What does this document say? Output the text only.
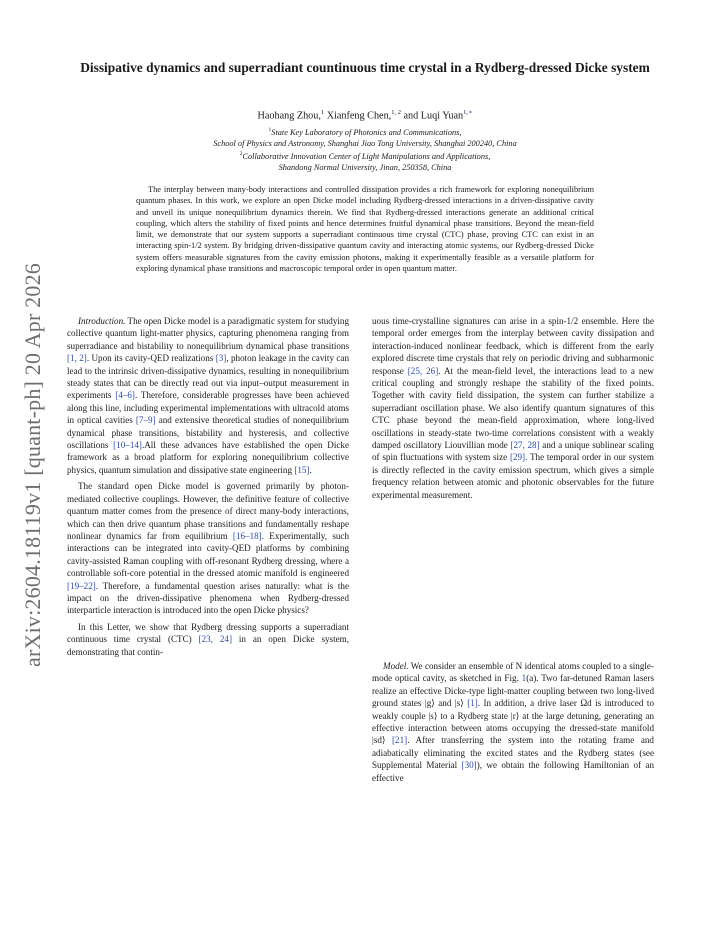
arXiv:2604.18119v1 [quant-ph] 20 Apr 2026
Dissipative dynamics and superradiant countinuous time crystal in a Rydberg-dressed Dicke system
Haohang Zhou,$^1$ Xianfeng Chen,$^{1, 2}$ and Luqi Yuan$^{1,∗}$
$^1$State Key Laboratory of Photonics and Communications,
School of Physics and Astronomy, Shanghai Jiao Tong University, Shanghai 200240, China
$^2$Collaborative Innovation Center of Light Manipulations and Applications,
Shandong Normal University, Jinan, 250358, China
The interplay between many-body interactions and controlled dissipation provides a rich framework for exploring nonequilibrium quantum phases. In this work, we explore an open Dicke model including Rydberg-dressed interactions in a driven-dissipative cavity and unveil its unique nonequilibrium dynamics therein. We find that Rydberg-dressed interactions generate an additional critical coupling, which alters the stability of fixed points and hence determines fruitful dynamical phase transitions. Beyond the mean-field limit, we demonstrate that our system supports a superradiant continuous time crystal (CTC) phase, proving CTC can exist in an interacting spin-1/2 system. By bridging driven-dissipative quantum cavity and interacting atomic systems, our Rydberg-dressed Dicke system offers measurable signatures from the cavity emission photons, making it experimentally feasible as a versatile platform for exploring dynamical phase transitions and macroscopic temporal order in open quantum matter.

Introduction. The open Dicke model is a paradigmatic system for studying collective quantum light-matter physics, capturing phenomena ranging from superradiance and bistability to nonequilibrium dynamical phase transitions [1, 2]. Upon its cavity-QED realizations [3], photon leakage in the cavity can lead to the intrinsic driven-dissipative dynamics, resulting in nonequilibrium steady states that can be directly read out via input–output measurement in experiments [4–6]. Therefore, considerable progresses have been achieved along this line, including experimental implementations with ultracold atoms in optical cavities [7–9] and extensive theoretical studies of nonequilibrium dynamical phase transitions, bistability and hysteresis, and collective oscillations [10–14].All these advances have established the open Dicke framework as a broad platform for exploring nonequilibrium collective physics, quantum simulation and dissipative state engineering [15].

The standard open Dicke model is governed primarily by photon-mediated collective couplings. However, the definitive feature of collective quantum matter comes from the presence of direct many-body interactions, which can then drive quantum phase transitions and fundamentally reshape nonlinear dynamics far from equilibrium [16–18]. Experimentally, such interactions can be integrated into cavity-QED platforms by combining cavity-assisted Raman coupling with off-resonant Rydberg dressing, where a controllable soft-core potential in the dressed atomic manifold is engineered [19–22]. Therefore, a fundamental question arises naturally: what is the impact on the driven-dissipative phenomena when Rydberg-dressed interparticle interaction is introduced into the open Dicke physics?

In this Letter, we show that Rydberg dressing supports a superradiant continuous time crystal (CTC) [23, 24] in an open Dicke system, demonstrating that contin-

uous time-crystalline signatures can arise in a spin-1/2 ensemble. Here the temporal order emerges from the interplay between cavity dissipation and interaction-induced nonlinear feedback, which is different from the early explored discrete time crystals that rely on periodic driving and subharmonic response [25, 26]. At the mean-field level, the interactions lead to a new critical coupling and strongly reshape the stability of the fixed points. Together with cavity field dissipation, the system can further stabilize a superradiant oscillation phase. We also identify quantum signatures of this CTC phase beyond the mean-field approximation, where long-lived oscillations in steady-state two-time correlations consistent with a weakly damped oscillatory Liouvillian mode [27, 28] and a unique sublinear scaling of spin fluctuations with system size [29]. The temporal order in our system is directly reflected in the cavity emission spectrum, which gives a simple frequency relation between atomic and photonic observables for the future experimental measurement.

Model. We consider an ensemble of N identical atoms coupled to a single-mode optical cavity, as sketched in Fig. 1(a). Two far-detuned Raman lasers realize an effective Dicke-type light-matter coupling between two long-lived ground states |g⟩ and |s⟩ [1]. In addition, a drive laser Ωd is introduced to weakly couple |s⟩ to a Rydberg state |r⟩ at the large detuning, generating an effective interaction between atoms occupying the dressed-state manifold |sd⟩ [21]. After transferring the system into the rotating frame and adiabatically eliminating the excited states and the Rydberg states (see Supplemental Material [30]), we obtain the following Hamiltonian of an effective
